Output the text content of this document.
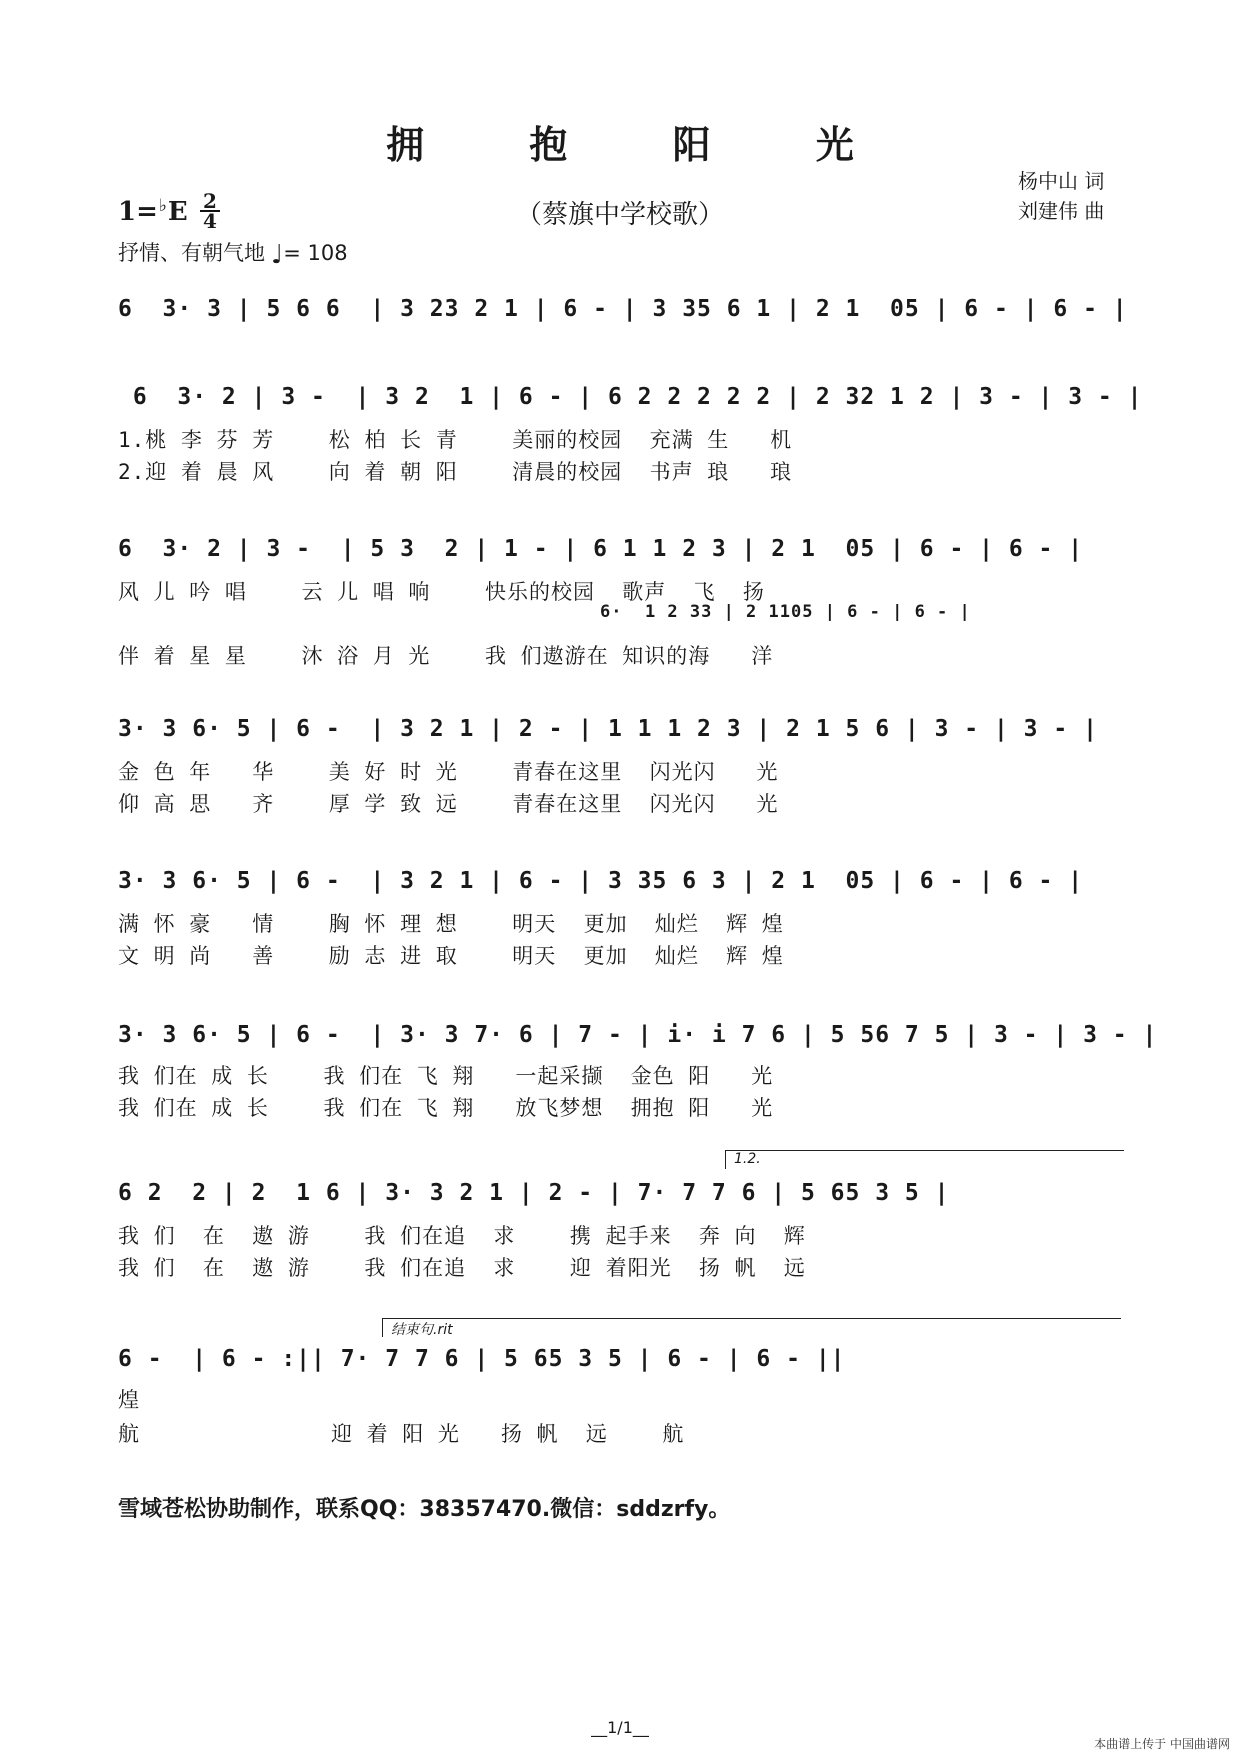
拥 抱 阳 光
（蔡旗中学校歌）
杨中山 词
刘建伟 曲
1=♭E 2
4
抒情、有朝气地 ♩= 108
6  3· 3 | 5 6 6  | 3 23 2 1 | 6 - | 3 35 6 1 | 2 1  05 | 6 - | 6 - |
6  3· 2 | 3 -  | 3 2  1 | 6 - | 6 2 2 2 2 2 | 2 32 1 2 | 3 - | 3 - |
1.桃 李 芬 芳    松 柏 长 青    美丽的校园  充满 生   机
2.迎 着 晨 风    向 着 朝 阳    清晨的校园  书声 琅   琅
6  3· 2 | 3 -  | 5 3  2 | 1 - | 6 1 1 2 3 | 2 1  05 | 6 - | 6 - |
风 儿 吟 唱    云 儿 唱 响    快乐的校园  歌声  飞  扬
6·  1 2 33 | 2 1105 | 6 - | 6 - |
伴 着 星 星    沐 浴 月 光    我 们遨游在 知识的海   洋
3· 3 6· 5 | 6 -  | 3 2 1 | 2 - | 1 1 1 2 3 | 2 1 5 6 | 3 - | 3 - |
金 色 年   华    美 好 时 光    青春在这里  闪光闪   光
仰 高 思   齐    厚 学 致 远    青春在这里  闪光闪   光
3· 3 6· 5 | 6 -  | 3 2 1 | 6 - | 3 35 6 3 | 2 1  05 | 6 - | 6 - |
满 怀 豪   情    胸 怀 理 想    明天  更加  灿烂  辉 煌
文 明 尚   善    励 志 进 取    明天  更加  灿烂  辉 煌
3· 3 6· 5 | 6 -  | 3· 3 7· 6 | 7 - | i· i 7 6 | 5 56 7 5 | 3 - | 3 - |
我 们在 成 长    我 们在 飞 翔   一起采撷  金色 阳   光
我 们在 成 长    我 们在 飞 翔   放飞梦想  拥抱 阳   光
1.2.
6 2  2 | 2  1 6 | 3· 3 2 1 | 2 - | 7· 7 7 6 | 5 65 3 5 |
我 们  在  遨 游    我 们在追  求    携 起手来  奔 向  辉
我 们  在  遨 游    我 们在追  求    迎 着阳光  扬 帆  远
结束句.rit
6 -  | 6 - :|| 7· 7 7 6 | 5 65 3 5 | 6 - | 6 - ||
煌
航              迎 着 阳 光   扬 帆  远    航
雪域苍松协助制作，联系QQ：38357470.微信：sddzrfy。
__1/1__
本曲谱上传于 中国曲谱网
